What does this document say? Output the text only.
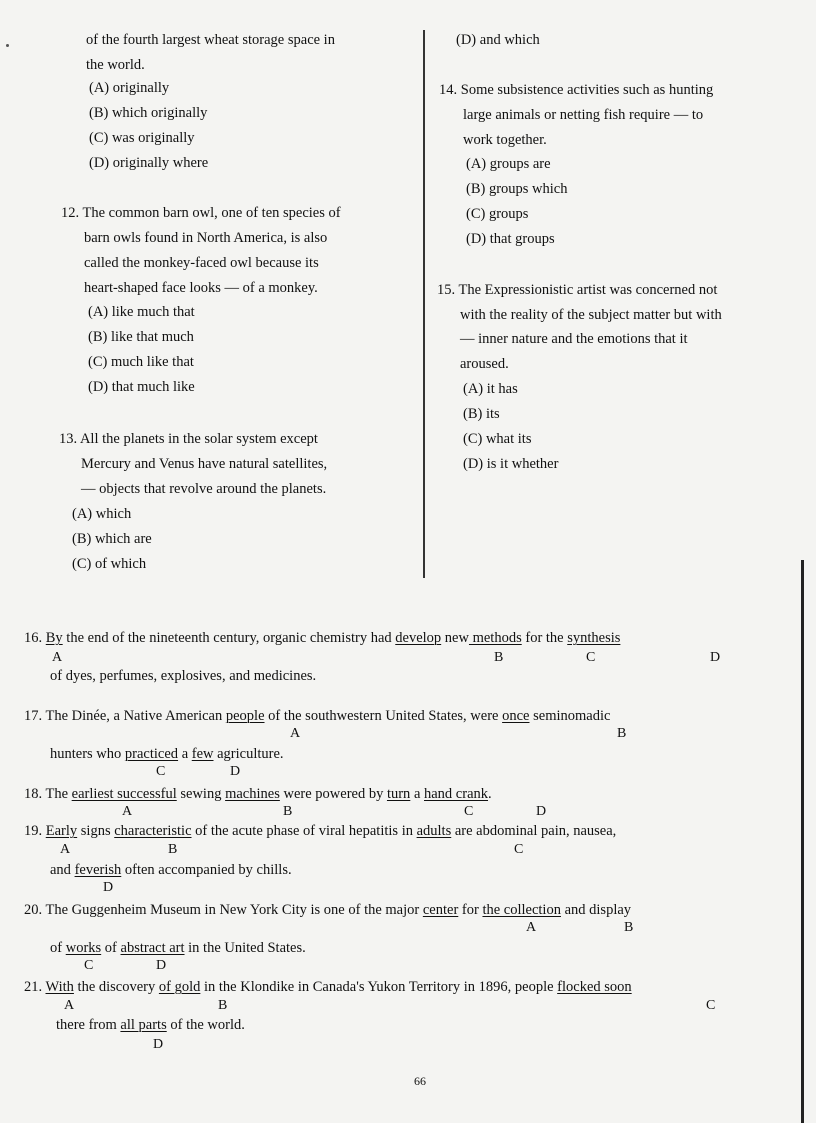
of the fourth largest wheat storage space in
the world.
(A) originally
(B) which originally
(C) was originally
(D) originally where
12. The common barn owl, one of ten species of
barn owls found in North America, is also
called the monkey-faced owl because its
heart-shaped face looks — of a monkey.
(A) like much that
(B) like that much
(C) much like that
(D) that much like
13. All the planets in the solar system except
Mercury and Venus have natural satellites,
— objects that revolve around the planets.
(A) which
(B) which are
(C) of which
(D) and which
14. Some subsistence activities such as hunting
large animals or netting fish require — to
work together.
(A) groups are
(B) groups which
(C) groups
(D) that groups
15. The Expressionistic artist was concerned not
with the reality of the subject matter but with
— inner nature and the emotions that it
aroused.
(A) it has
(B) its
(C) what its
(D) is it whether
16. By the end of the nineteenth century, organic chemistry had develop new methods for the synthesis
A	B	C	D
of dyes, perfumes, explosives, and medicines.
17. The Dinée, a Native American people of the southwestern United States, were once seminomadic
A	B
hunters who practiced a few agriculture.
C	D
18. The earliest successful sewing machines were powered by turn a hand crank.
A	B	C	D
19. Early signs characteristic of the acute phase of viral hepatitis in adults are abdominal pain, nausea,
A	B	C
and feverish often accompanied by chills.
D
20. The Guggenheim Museum in New York City is one of the major center for the collection and display
A	B
of works of abstract art in the United States.
C	D
21. With the discovery of gold in the Klondike in Canada's Yukon Territory in 1896, people flocked soon
A	B	C
there from all parts of the world.
D
66
